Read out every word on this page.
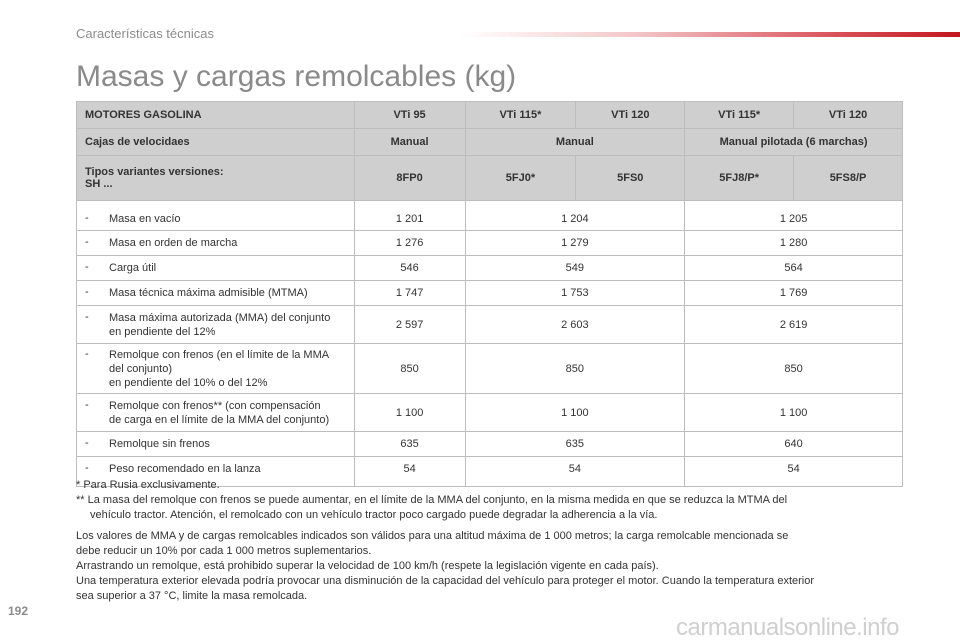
Características técnicas
Masas y cargas remolcables (kg)
MOTORES GASOLINA	VTi 95	VTi 115*	VTi 120	VTi 115*	VTi 120
Cajas de velocidaes	Manual	Manual		Manual pilotada (6 marchas)	

Tipos variantes versiones:
SH ...	8FP0	5FJ0*	5FS0	5FJ8/P*	5FS8/P

- Masa en vacío	1 201	1 204		1 205	

- Masa en orden de marcha	1 276	1 279		1 280	

- Carga útil	546	549		564	

- Masa técnica máxima admisible (MTMA)	1 747	1 753		1 769	

- Masa máxima autorizada (MMA) del conjunto
en pendiente del 12%	2 597	2 603		2 619	

- Remolque con frenos (en el límite de la MMA
del conjunto)
en pendiente del 10% o del 12%	850	850		850	

- Remolque con frenos** (con compensación
de carga en el límite de la MMA del conjunto)	1 100	1 100		1 100	

- Remolque sin frenos	635	635		640	

- Peso recomendado en la lanza	54	54		54	
* Para Rusia exclusivamente.
** La masa del remolque con frenos se puede aumentar, en el límite de la MMA del conjunto, en la misma medida en que se reduzca la MTMA del
vehículo tractor. Atención, el remolcado con un vehículo tractor poco cargado puede degradar la adherencia a la vía.
Los valores de MMA y de cargas remolcables indicados son válidos para una altitud máxima de 1 000 metros; la carga remolcable mencionada se
debe reducir un 10% por cada 1 000 metros suplementarios.
Arrastrando un remolque, está prohibido superar la velocidad de 100 km/h (respete la legislación vigente en cada país).
Una temperatura exterior elevada podría provocar una disminución de la capacidad del vehículo para proteger el motor. Cuando la temperatura exterior
sea superior a 37 °C, limite la masa remolcada.
192
carmanualsonline.info
